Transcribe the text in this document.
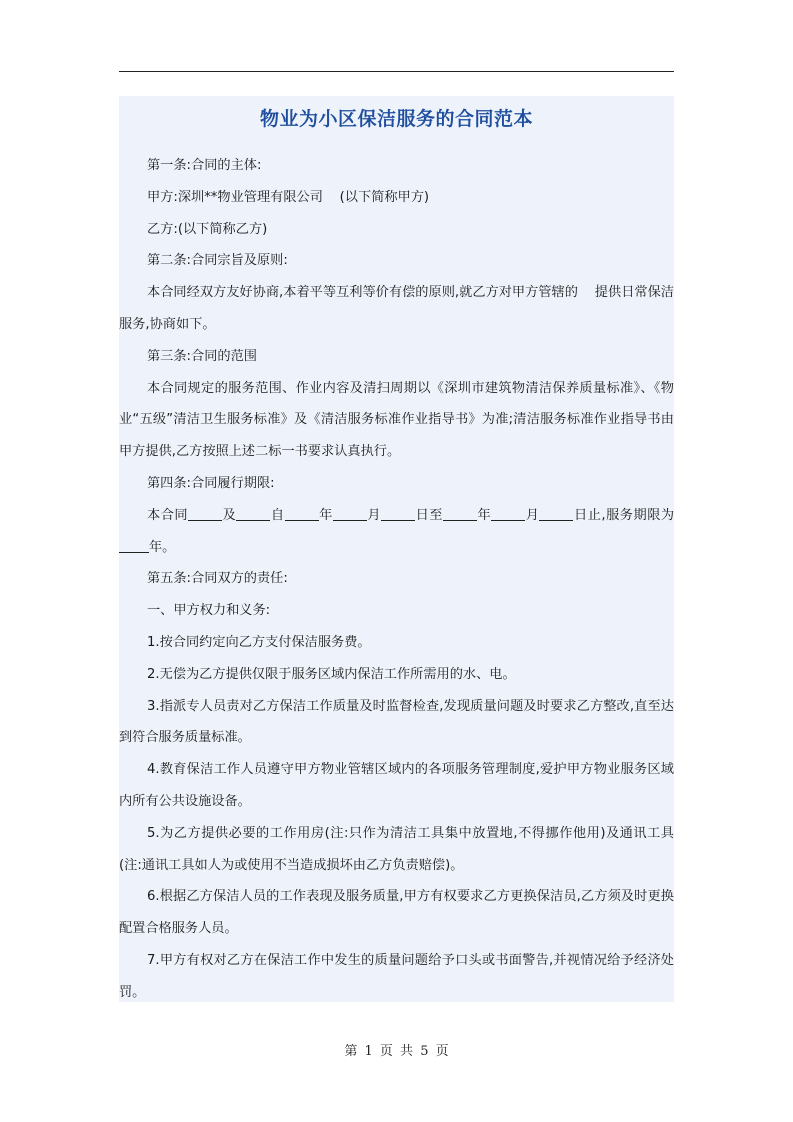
物业为小区保洁服务的合同范本

第一条:合同的主体:

甲方:深圳**物业管理有限公司    (以下简称甲方)

乙方:(以下简称乙方)

第二条:合同宗旨及原则:

本合同经双方友好协商,本着平等互利等价有偿的原则,就乙方对甲方管辖的    提供日常保洁服务,协商如下。

第三条:合同的范围

本合同规定的服务范围、作业内容及清扫周期以《深圳市建筑物清洁保养质量标准》、《物业“五级”清洁卫生服务标准》及《清洁服务标准作业指导书》为准;清洁服务标准作业指导书由甲方提供,乙方按照上述二标一书要求认真执行。

第四条:合同履行期限:

本合同	及	自	年	月	日至	年	月	日止,服务期限为年。

第五条:合同双方的责任:

一、甲方权力和义务:

1.按合同约定向乙方支付保洁服务费。

2.无偿为乙方提供仅限于服务区域内保洁工作所需用的水、电。

3.指派专人员责对乙方保洁工作质量及时监督检查,发现质量问题及时要求乙方整改,直至达到符合服务质量标准。

4.教育保洁工作人员遵守甲方物业管辖区域内的各项服务管理制度,爱护甲方物业服务区域内所有公共设施设备。

5.为乙方提供必要的工作用房(注:只作为清洁工具集中放置地,不得挪作他用)及通讯工具(注:通讯工具如人为或使用不当造成损坏由乙方负责赔偿)。

6.根据乙方保洁人员的工作表现及服务质量,甲方有权要求乙方更换保洁员,乙方须及时更换配置合格服务人员。

7.甲方有权对乙方在保洁工作中发生的质量问题给予口头或书面警告,并视情况给予经济处罚。

第 1 页 共 5 页
